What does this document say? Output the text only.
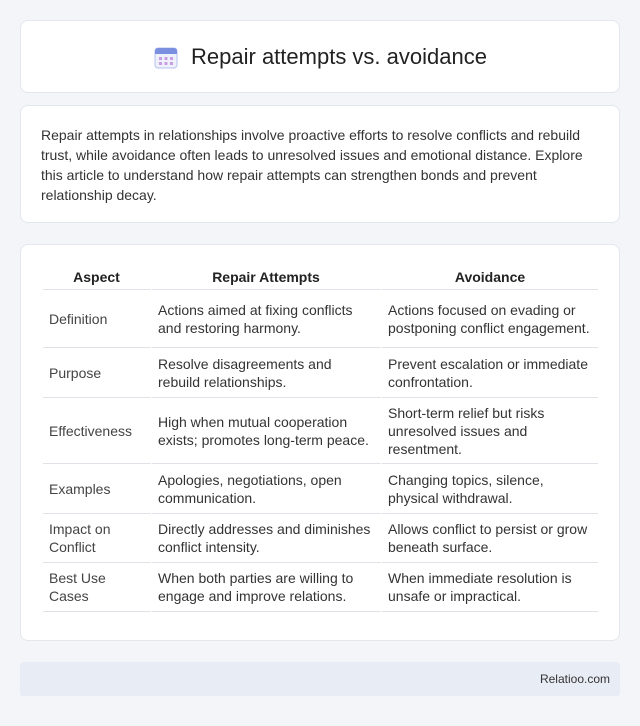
Repair attempts vs. avoidance

Repair attempts in relationships involve proactive efforts to resolve conflicts and rebuild trust, while avoidance often leads to unresolved issues and emotional distance. Explore this article to understand how repair attempts can strengthen bonds and prevent relationship decay.

Aspect	Repair Attempts	Avoidance
Definition	Actions aimed at fixing conflicts and restoring harmony.	Actions focused on evading or postponing conflict engagement.
Purpose	Resolve disagreements and rebuild relationships.	Prevent escalation or immediate confrontation.
Effectiveness	High when mutual cooperation exists; promotes long-term peace.	Short-term relief but risks unresolved issues and resentment.
Examples	Apologies, negotiations, open communication.	Changing topics, silence, physical withdrawal.
Impact on Conflict	Directly addresses and diminishes conflict intensity.	Allows conflict to persist or grow beneath surface.
Best Use Cases	When both parties are willing to engage and improve relations.	When immediate resolution is unsafe or impractical.
Relatioo.com
